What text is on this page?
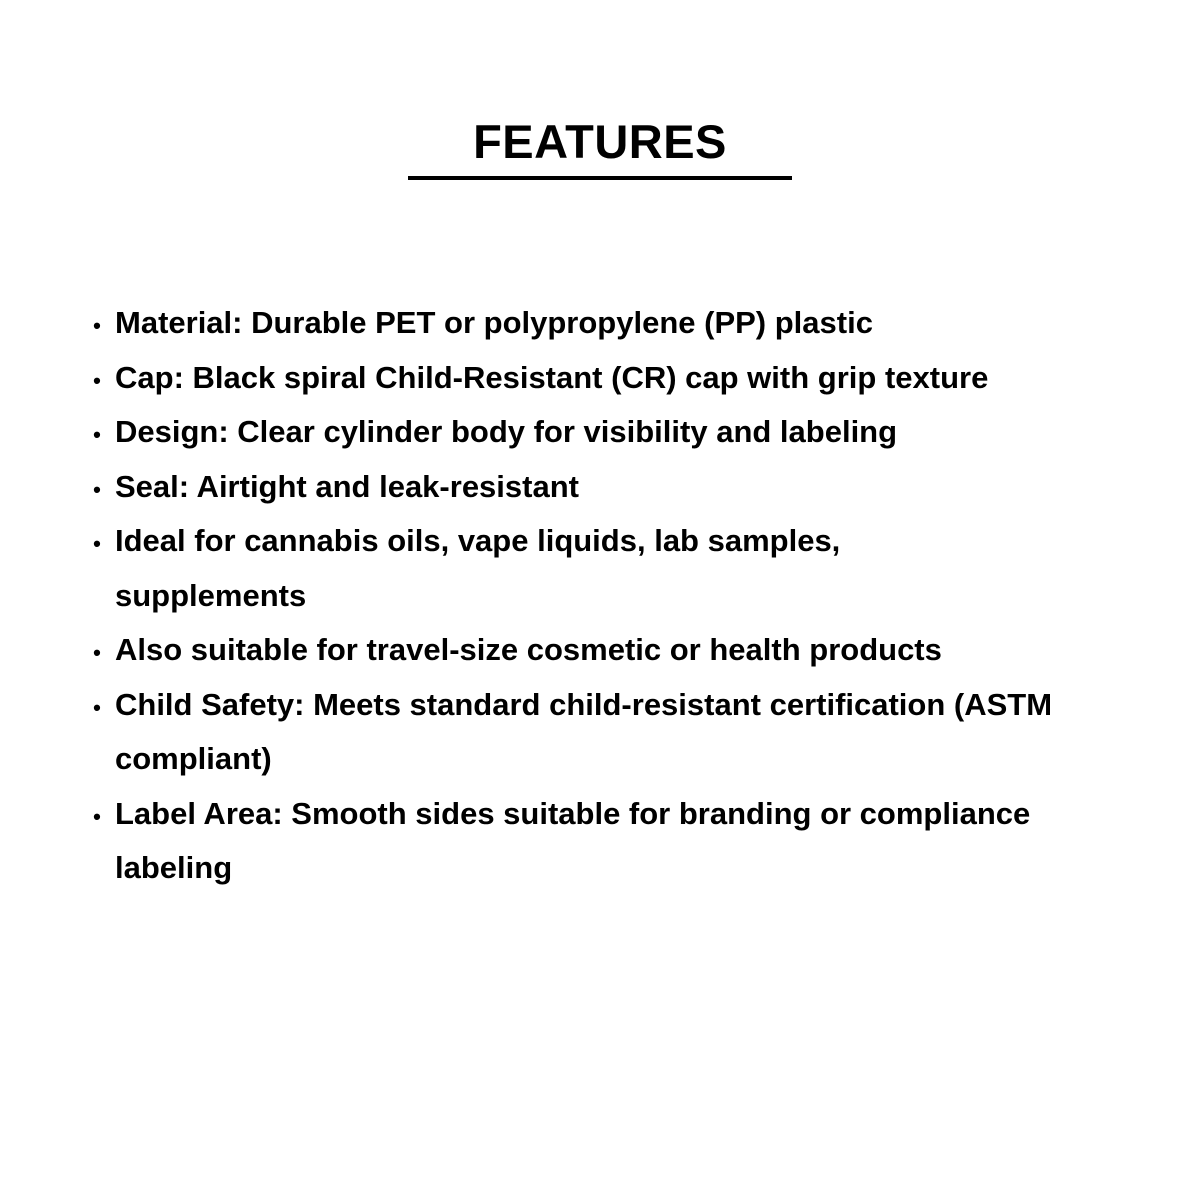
FEATURES
• Material: Durable PET or polypropylene (PP) plastic
• Cap: Black spiral Child-Resistant (CR) cap with grip texture
• Design: Clear cylinder body for visibility and labeling
• Seal: Airtight and leak-resistant
• Ideal for cannabis oils, vape liquids, lab samples, supplements
• Also suitable for travel-size cosmetic or health products
• Child Safety: Meets standard child-resistant certification (ASTM compliant)
• Label Area: Smooth sides suitable for branding or compliance labeling
